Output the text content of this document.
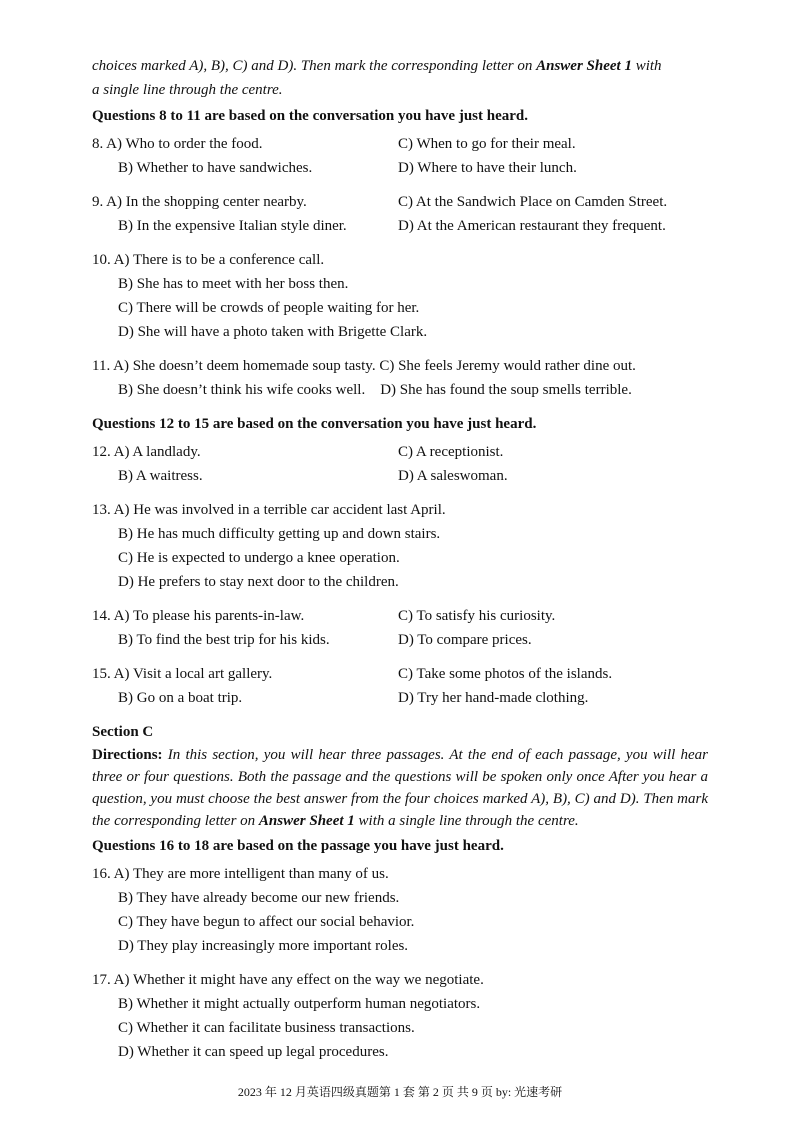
choices marked A), B), C) and D). Then mark the corresponding letter on Answer Sheet 1 with
a single line through the centre.

Questions 8 to 11 are based on the conversation you have just heard.
8. A) Who to order the food.	C) When to go for their meal.
B) Whether to have sandwiches.	D) Where to have their lunch.
9. A) In the shopping center nearby.	C) At the Sandwich Place on Camden Street.
B) In the expensive Italian style diner.	D) At the American restaurant they frequent.
10. A) There is to be a conference call.
B) She has to meet with her boss then.
C) There will be crowds of people waiting for her.
D) She will have a photo taken with Brigette Clark.
11. A) She doesn’t deem homemade soup tasty. C) She feels Jeremy would rather dine out.
B) She doesn’t think his wife cooks well.    D) She has found the soup smells terrible.
Questions 12 to 15 are based on the conversation you have just heard.
12. A) A landlady.	C) A receptionist.
B) A waitress.	D) A saleswoman.
13. A) He was involved in a terrible car accident last April.
B) He has much difficulty getting up and down stairs.
C) He is expected to undergo a knee operation.
D) He prefers to stay next door to the children.
14. A) To please his parents-in-law.	C) To satisfy his curiosity.
B) To find the best trip for his kids.	D) To compare prices.
15. A) Visit a local art gallery.	C) Take some photos of the islands.
B) Go on a boat trip.	D) Try her hand-made clothing.
Section C

Directions: In this section, you will hear three passages. At the end of each passage, you will hear three or four questions. Both the passage and the questions will be spoken only once After you hear a question, you must choose the best answer from the four choices marked A), B), C) and D). Then mark the corresponding letter on Answer Sheet 1 with a single line through the centre.

Questions 16 to 18 are based on the passage you have just heard.
16. A) They are more intelligent than many of us.
B) They have already become our new friends.
C) They have begun to affect our social behavior.
D) They play increasingly more important roles.
17. A) Whether it might have any effect on the way we negotiate.
B) Whether it might actually outperform human negotiators.
C) Whether it can facilitate business transactions.
D) Whether it can speed up legal procedures.
2023 年 12 月英语四级真题第 1 套 第 2 页 共 9 页 by: 光速考研
